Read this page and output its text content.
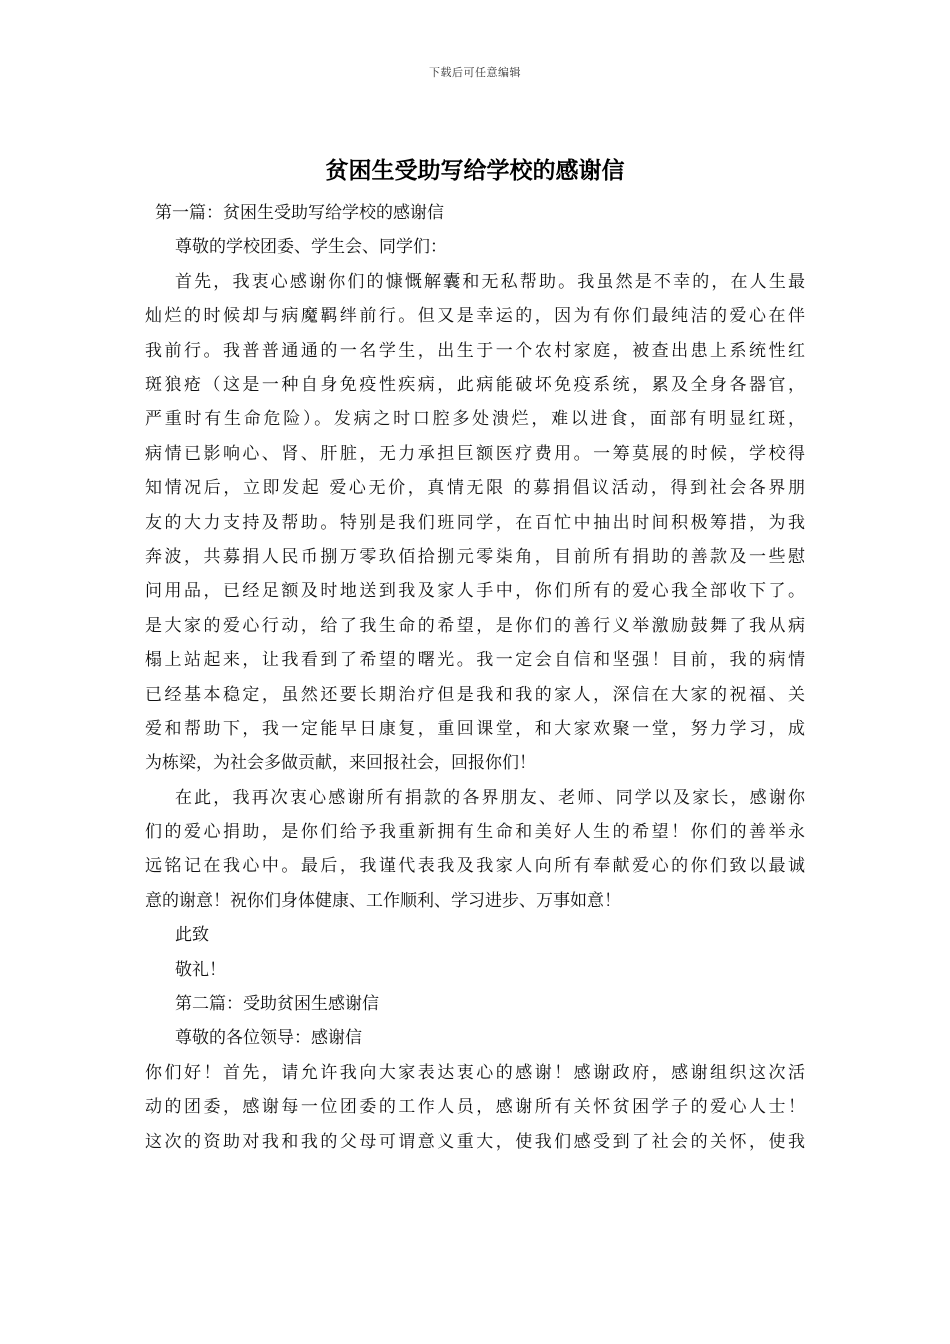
下载后可任意编辑
贫困生受助写给学校的感谢信
第一篇：贫困生受助写给学校的感谢信
尊敬的学校团委、学生会、同学们：
首先，我衷心感谢你们的慷慨解囊和无私帮助。我虽然是不幸的，在人生最
灿烂的时候却与病魔羁绊前行。但又是幸运的，因为有你们最纯洁的爱心在伴
我前行。我普普通通的一名学生，出生于一个农村家庭，被查出患上系统性红
斑狼疮（这是一种自身免疫性疾病，此病能破坏免疫系统，累及全身各器官，
严重时有生命危险）。发病之时口腔多处溃烂，难以进食，面部有明显红斑，
病情已影响心、肾、肝脏，无力承担巨额医疗费用。一筹莫展的时候，学校得
知情况后，立即发起 爱心无价，真情无限 的募捐倡议活动，得到社会各界朋
友的大力支持及帮助。特别是我们班同学，在百忙中抽出时间积极筹措，为我
奔波，共募捐人民币捌万零玖佰拾捌元零柒角，目前所有捐助的善款及一些慰
问用品，已经足额及时地送到我及家人手中，你们所有的爱心我全部收下了。
是大家的爱心行动，给了我生命的希望，是你们的善行义举激励鼓舞了我从病
榻上站起来，让我看到了希望的曙光。我一定会自信和坚强！目前，我的病情
已经基本稳定，虽然还要长期治疗但是我和我的家人，深信在大家的祝福、关
爱和帮助下，我一定能早日康复，重回课堂，和大家欢聚一堂，努力学习，成
为栋梁，为社会多做贡献，来回报社会，回报你们！
在此，我再次衷心感谢所有捐款的各界朋友、老师、同学以及家长，感谢你
们的爱心捐助，是你们给予我重新拥有生命和美好人生的希望！你们的善举永
远铭记在我心中。最后，我谨代表我及我家人向所有奉献爱心的你们致以最诚
意的谢意！祝你们身体健康、工作顺利、学习进步、万事如意！
此致
敬礼！
第二篇：受助贫困生感谢信
尊敬的各位领导：感谢信
你们好！首先，请允许我向大家表达衷心的感谢！感谢政府，感谢组织这次活
动的团委，感谢每一位团委的工作人员，感谢所有关怀贫困学子的爱心人士！
这次的资助对我和我的父母可谓意义重大，使我们感受到了社会的关怀，使我
